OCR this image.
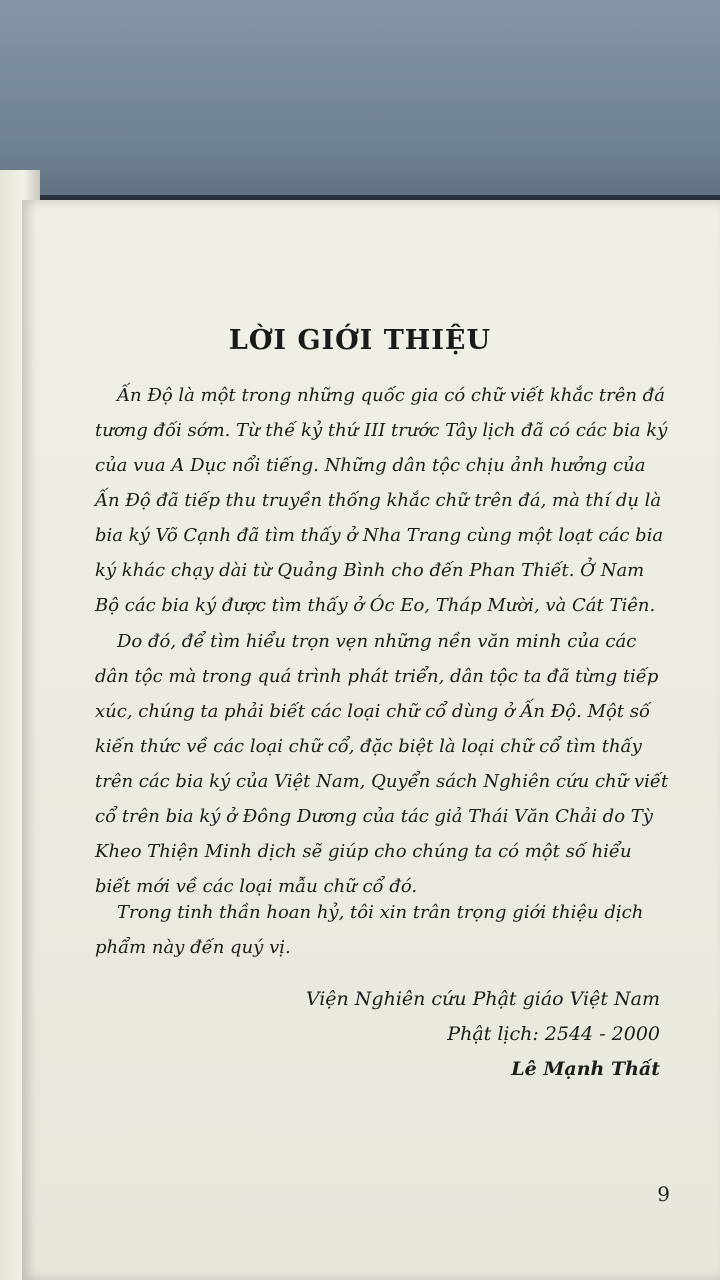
LỜI GIỚI THIỆU

Ấn Độ là một trong những quốc gia có chữ viết khắc trên đá tương đối sớm. Từ thế kỷ thứ III trước Tây lịch đã có các bia ký của vua A Dục nổi tiếng. Những dân tộc chịu ảnh hưởng của Ấn Độ đã tiếp thu truyền thống khắc chữ trên đá, mà thí dụ là bia ký Võ Cạnh đã tìm thấy ở Nha Trang cùng một loạt các bia ký khác chạy dài từ Quảng Bình cho đến Phan Thiết. Ở Nam Bộ các bia ký được tìm thấy ở Óc Eo, Tháp Mười, và Cát Tiên.

Do đó, để tìm hiểu trọn vẹn những nền văn minh của các dân tộc mà trong quá trình phát triển, dân tộc ta đã từng tiếp xúc, chúng ta phải biết các loại chữ cổ dùng ở Ấn Độ. Một số kiến thức về các loại chữ cổ, đặc biệt là loại chữ cổ tìm thấy trên các bia ký của Việt Nam, Quyển sách Nghiên cứu chữ viết cổ trên bia ký ở Đông Dương của tác giả Thái Văn Chải do Tỳ Kheo Thiện Minh dịch sẽ giúp cho chúng ta có một số hiểu biết mới về các loại mẫu chữ cổ đó.

Trong tinh thần hoan hỷ, tôi xin trân trọng giới thiệu dịch phẩm này đến quý vị.

Viện Nghiên cứu Phật giáo Việt Nam
Phật lịch: 2544 - 2000
Lê Mạnh Thất
9
